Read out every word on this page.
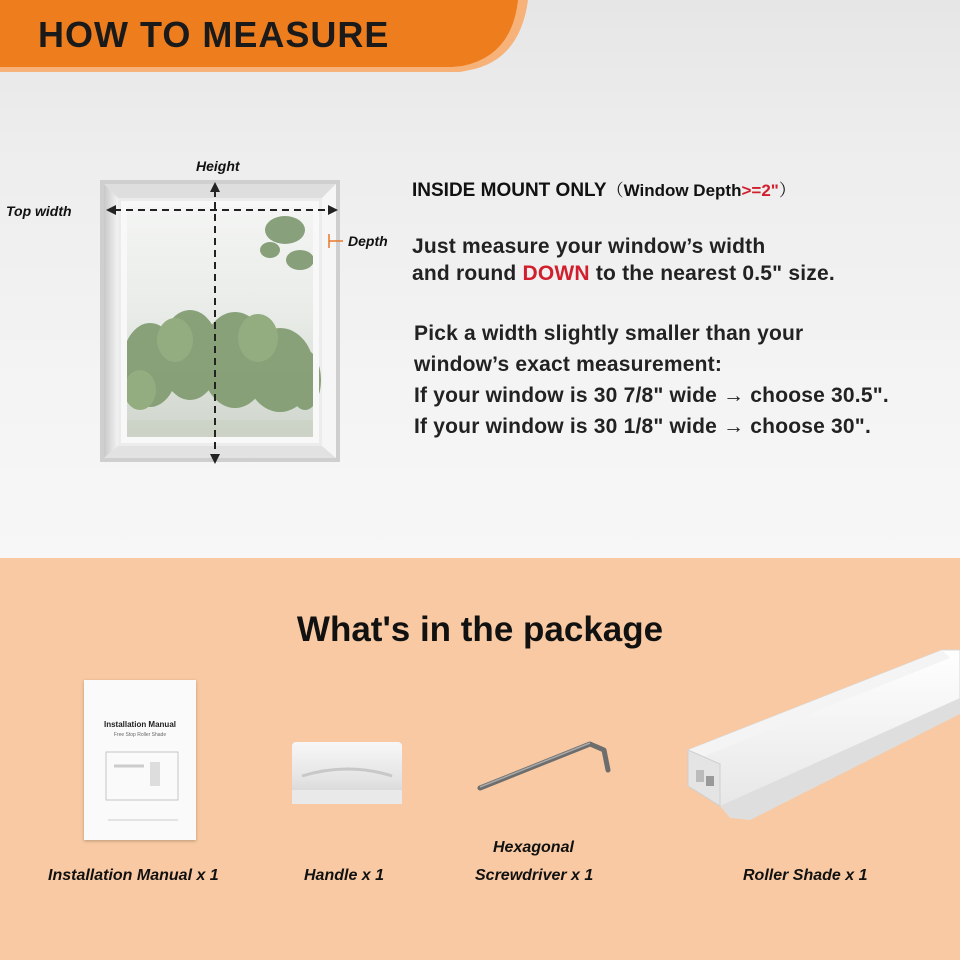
HOW TO MEASURE
Height
Top width
Depth
INSIDE MOUNT ONLY（Window Depth>=2"）
Just measure your window’s width
and round DOWN to the nearest 0.5" size.
Pick a width slightly smaller than your
window’s exact measurement:
If your window is 30 7/8" wide → choose 30.5".
If your window is 30 1/8" wide → choose 30".
What's in the package
Installation Manual
Free Stop Roller Shade
Installation Manual x 1	Handle x 1
Hexagonal
Screwdriver x 1	Roller Shade x 1
